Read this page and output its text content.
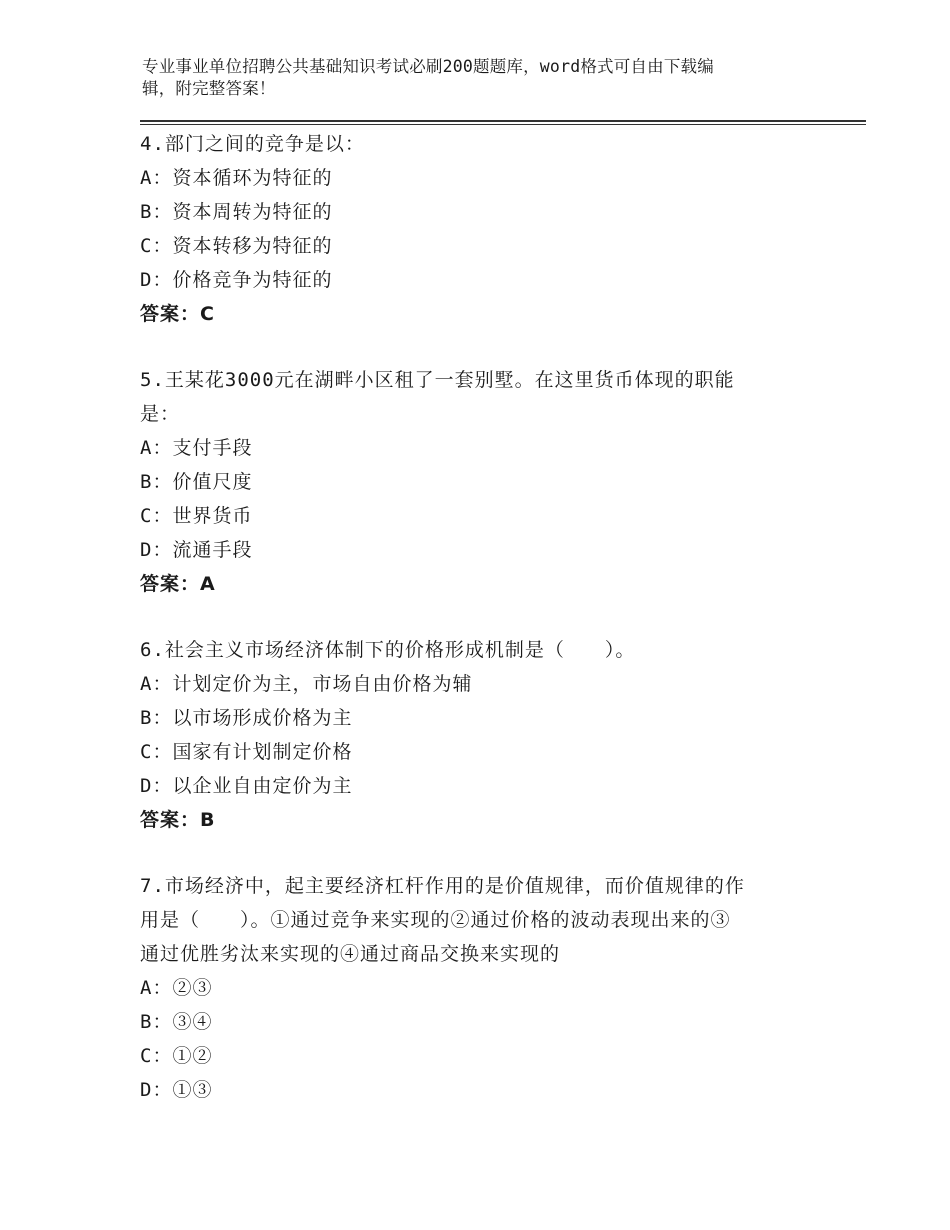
专业事业单位招聘公共基础知识考试必刷200题题库，word格式可自由下载编
辑，附完整答案！
4.部门之间的竞争是以：
A：资本循环为特征的
B：资本周转为特征的
C：资本转移为特征的
D：价格竞争为特征的
答案：C
5.王某花3000元在湖畔小区租了一套别墅。在这里货币体现的职能
是：
A：支付手段
B：价值尺度
C：世界货币
D：流通手段
答案：A
6.社会主义市场经济体制下的价格形成机制是（　　）。
A：计划定价为主，市场自由价格为辅
B：以市场形成价格为主
C：国家有计划制定价格
D：以企业自由定价为主
答案：B
7.市场经济中，起主要经济杠杆作用的是价值规律，而价值规律的作
用是（　　）。①通过竞争来实现的②通过价格的波动表现出来的③
通过优胜劣汰来实现的④通过商品交换来实现的
A：②③
B：③④
C：①②
D：①③
